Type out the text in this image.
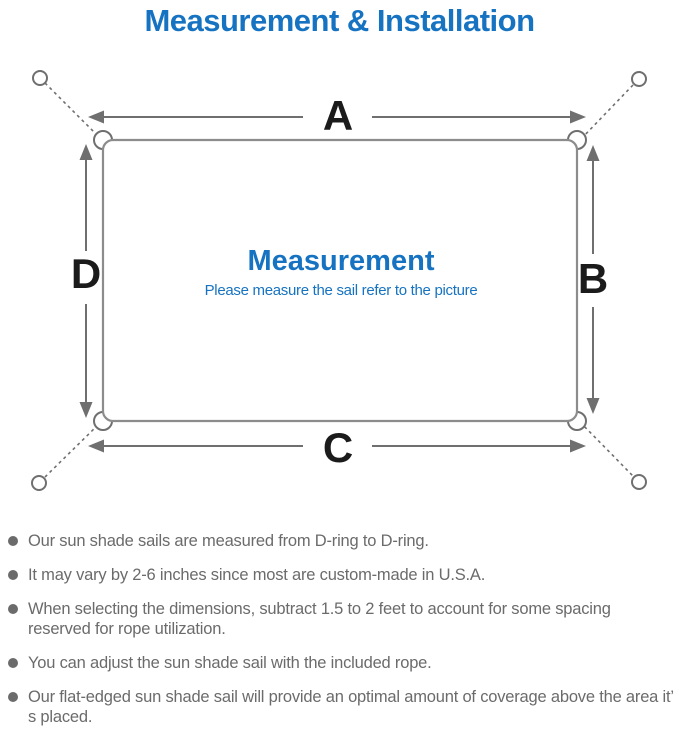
Measurement & Installation
A
C
D	B
Measurement
Please measure the sail refer to the picture
Our sun shade sails are measured from D-ring to D-ring.
It may vary by 2-6 inches since most are custom-made in U.S.A.
When selecting the dimensions, subtract 1.5 to 2 feet to account for some spacing reserved for rope utilization.
You can adjust the sun shade sail with the included rope.
Our flat-edged sun shade sail will provide an optimal amount of coverage above the area it’ s placed.
